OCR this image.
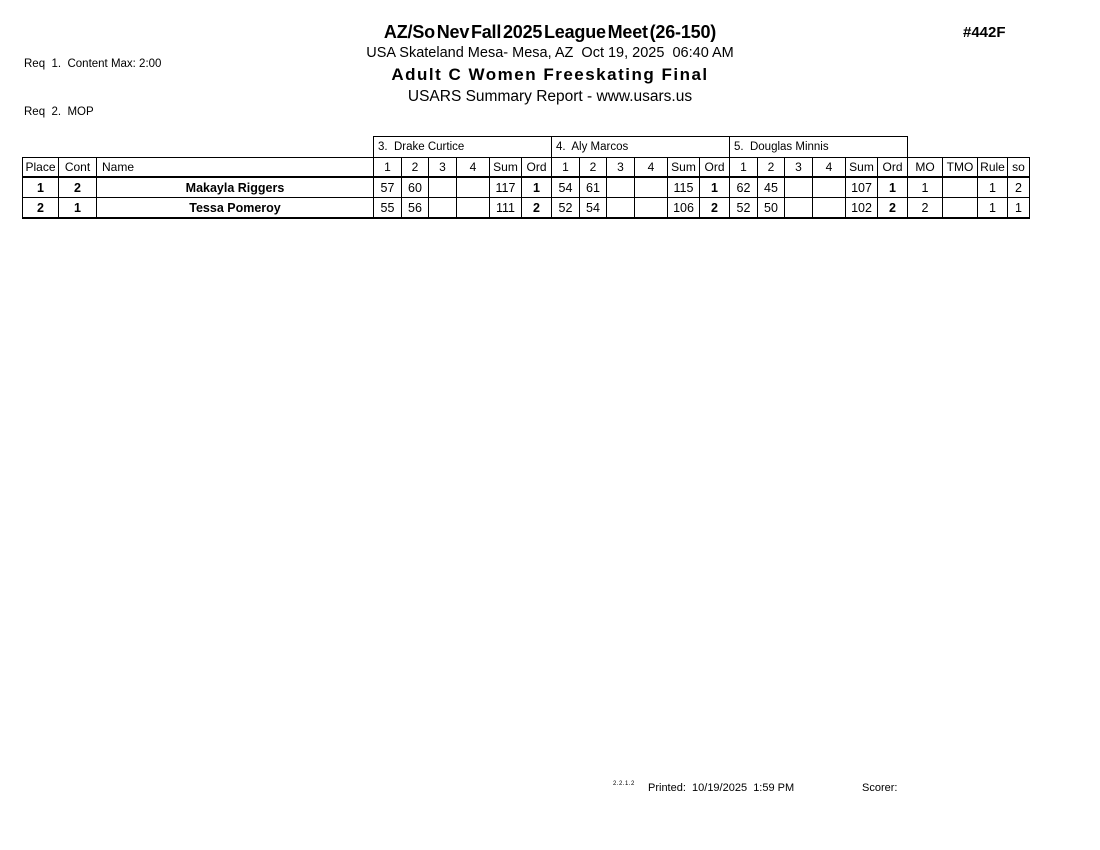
Req  1.  Content Max: 2:00

Req  2.  MOP

AZ/So Nev Fall 2025 League Meet (26-150)
USA Skateland Mesa- Mesa, AZ  Oct 19, 2025  06:40 AM
Adult C Women Freeskating Final
USARS Summary Report - www.usars.us
#442F
			3.  Drake Curtice						4.  Aly Marcos						5.  Douglas Minnis									
Place	Cont	Name	1	2	3	4	Sum	Ord	1	2	3	4	Sum	Ord	1	2	3	4	Sum	Ord	MO	TMO	Rule	so
1	2	Makayla Riggers	57	60			117	1	54	61			115	1	62	45			107	1	1		1	2
2	1	Tessa Pomeroy	55	56			111	2	52	54			106	2	52	50			102	2	2		1	1
2.2.1.2 Printed:  10/19/2025  1:59 PM	Scorer:
